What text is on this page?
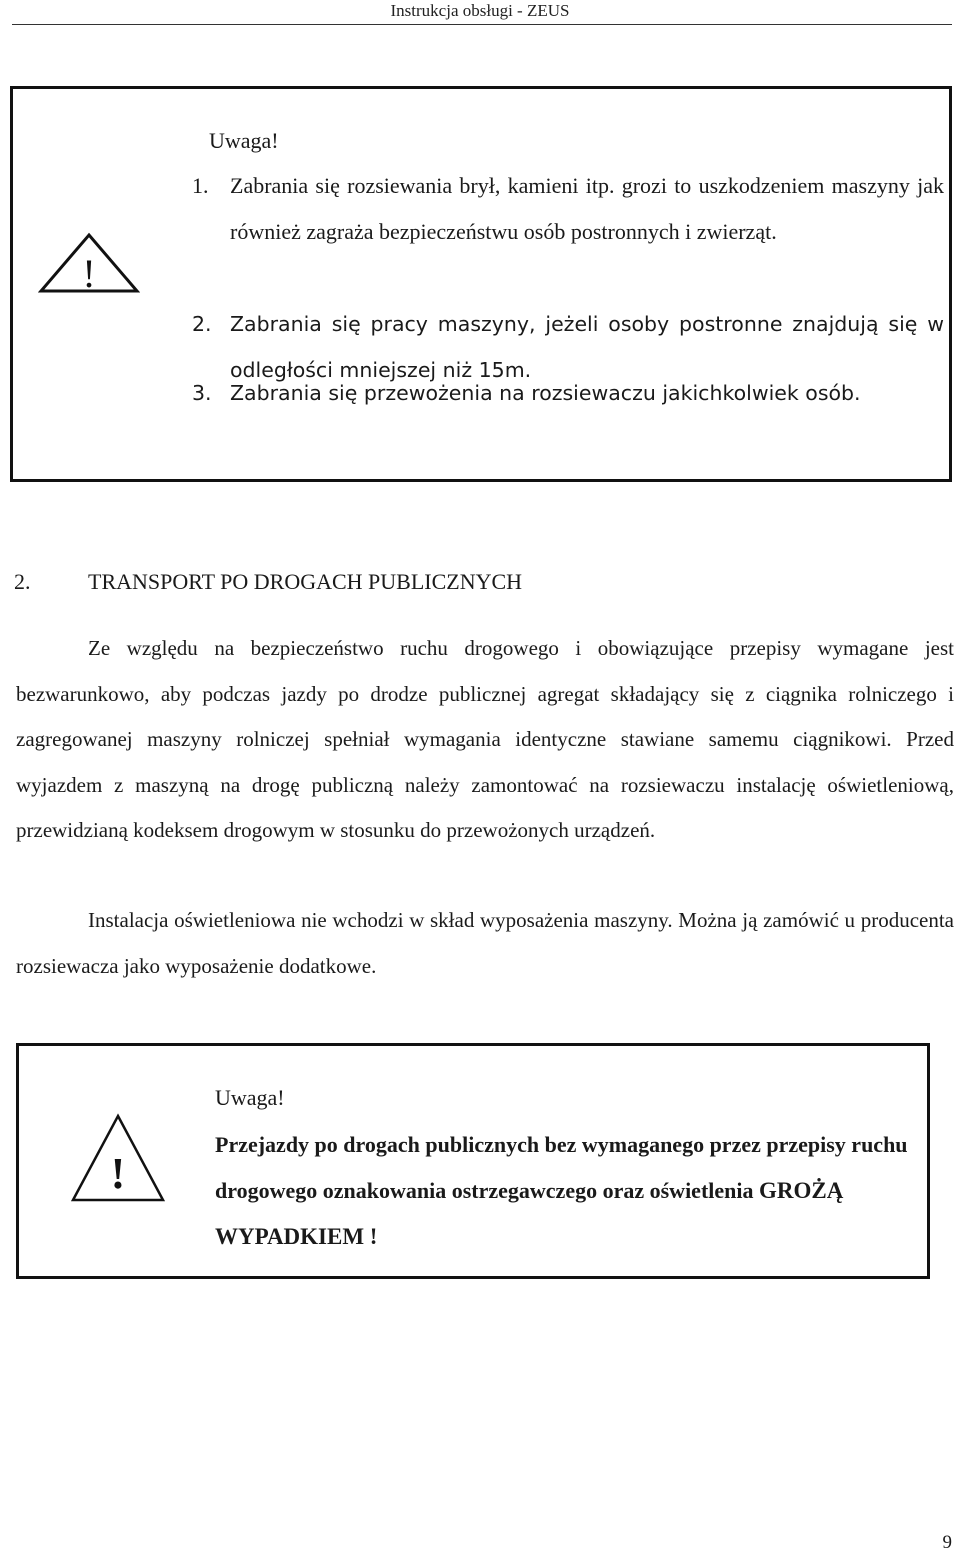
Instrukcja obsługi - ZEUS
!
Uwaga!
1. Zabrania się rozsiewania brył, kamieni itp. grozi to uszkodzeniem maszyny jak również zagraża bezpieczeństwu osób postronnych i zwierząt.
2. Zabrania się pracy maszyny, jeżeli osoby postronne znajdują się w odległości mniejszej niż 15m.
3. Zabrania się przewożenia na rozsiewaczu jakichkolwiek osób.
2.	TRANSPORT PO DROGACH PUBLICZNYCH
Ze względu na bezpieczeństwo ruchu drogowego i obowiązujące przepisy wymagane jest bezwarunkowo, aby podczas jazdy po drodze publicznej agregat składający się z ciągnika rolniczego i zagregowanej maszyny rolniczej spełniał wymagania identyczne stawiane samemu ciągnikowi. Przed wyjazdem z maszyną na drogę publiczną należy zamontować na rozsiewaczu instalację oświetleniową, przewidzianą kodeksem drogowym w stosunku do przewożonych urządzeń.
Instalacja oświetleniowa nie wchodzi w skład wyposażenia maszyny. Można ją zamówić u producenta rozsiewacza jako wyposażenie dodatkowe.
!
Uwaga!
Przejazdy po drogach publicznych bez wymaganego przez przepisy ruchu drogowego oznakowania ostrzegawczego oraz oświetlenia GROŻĄ WYPADKIEM !
9
